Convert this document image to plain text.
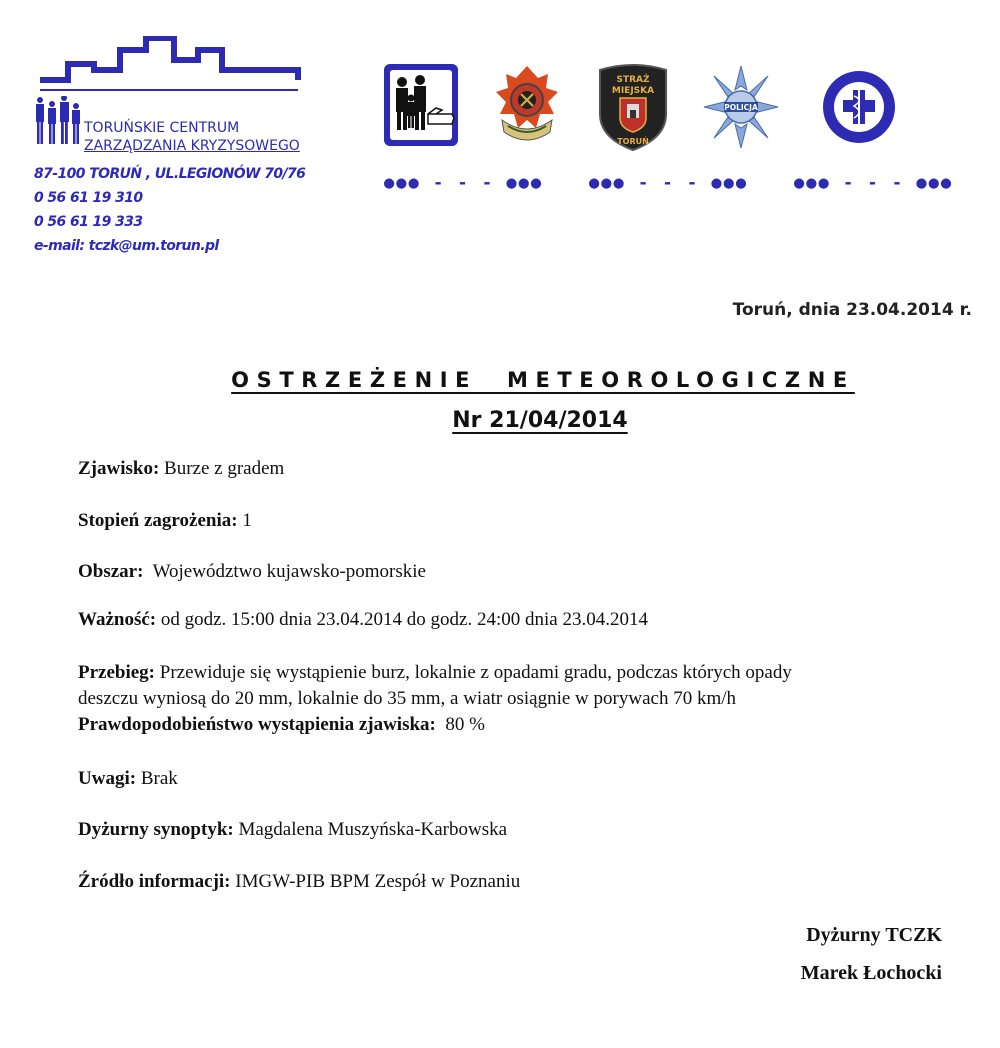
TORUŃSKIE CENTRUM
ZARZĄDZANIA KRYZYSOWEGO
87-100 TORUŃ , UL.LEGIONÓW 70/76
0 56 61 19 310
0 56 61 19 333
e-mail: tczk@um.torun.pl
STRAŻ
MIEJSKA
TORUŃ
POLICJA
●●● - - - ●●●	●●● - - - ●●●	●●● - - - ●●●
Toruń, dnia 23.04.2014 r.
OSTRZEŻENIE  METEOROLOGICZNE
Nr 21/04/2014
Zjawisko: Burze z gradem
Stopień zagrożenia: 1
Obszar:  Województwo kujawsko-pomorskie
Ważność: od godz. 15:00 dnia 23.04.2014 do godz. 24:00 dnia 23.04.2014
Przebieg: Przewiduje się wystąpienie burz, lokalnie z opadami gradu, podczas których opady
deszczu wyniosą do 20 mm, lokalnie do 35 mm, a wiatr osiągnie w porywach 70 km/h
Prawdopodobieństwo wystąpienia zjawiska:  80 %
Uwagi: Brak
Dyżurny synoptyk: Magdalena Muszyńska-Karbowska
Źródło informacji: IMGW-PIB BPM Zespół w Poznaniu
Dyżurny TCZK
Marek Łochocki
